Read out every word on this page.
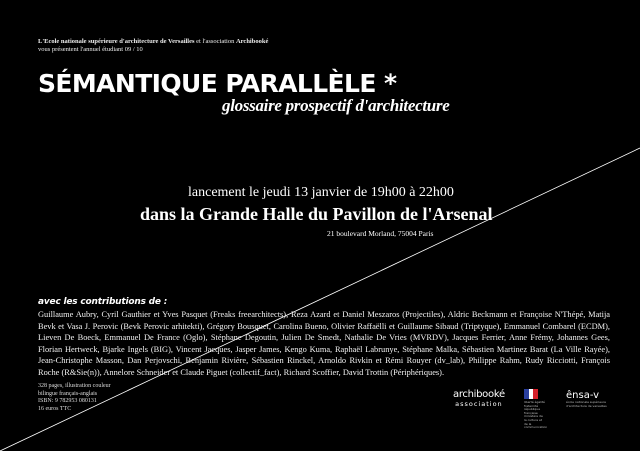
L'Ecole nationale supérieure d'architecture de Versailles et l'association Archibooké
vous présentent l'annuel étudiant 09 / 10
SÉMANTIQUE PARALLÈLE *
glossaire prospectif d'architecture
lancement le jeudi 13 janvier de 19h00 à 22h00
dans la Grande Halle du Pavillon de l'Arsenal
21 boulevard Morland, 75004 Paris
avec les contributions de :
Guillaume Aubry, Cyril Gauthier et Yves Pasquet (Freaks freearchitects), Reza Azard et Daniel Meszaros (Projectiles), Aldric Beckmann et Françoise N'Thépé, Matija Bevk et Vasa J. Perovic (Bevk Perovic arhitekti), Grégory Bousquet, Carolina Bueno, Olivier Raffaëlli et Guillaume Sibaud (Triptyque), Emmanuel Combarel (ECDM), Lieven De Boeck, Emmanuel De France (Oglo), Stéphane Degoutin, Julien De Smedt, Nathalie De Vries (MVRDV), Jacques Ferrier, Anne Frémy, Johannes Gees, Florian Hertweck, Bjarke Ingels (BIG), Vincent Jacques, Jasper James, Kengo Kuma, Raphaël Labrunye, Stéphane Malka, Sébastien Martinez Barat (La Ville Rayée), Jean-Christophe Masson, Dan Perjovschi, Benjamin Rivière, Sébastien Rinckel, Arnoldo Rivkin et Rémi Rouyer (dv_lab), Philippe Rahm, Rudy Ricciotti, François Roche (R&Sie(n)), Annelore Schneider et Claude Piguet (collectif_fact), Richard Scoffier, David Trottin (Périphériques).
328 pages, illustration couleur
bilingue français-anglais
ISBN: 9 782953 080131
16 euros TTC
archibooké
association	liberté égalité fraternité république française ministère de la culture et de la communication
ênsa-v
école nationale supérieure d'architecture de versailles
